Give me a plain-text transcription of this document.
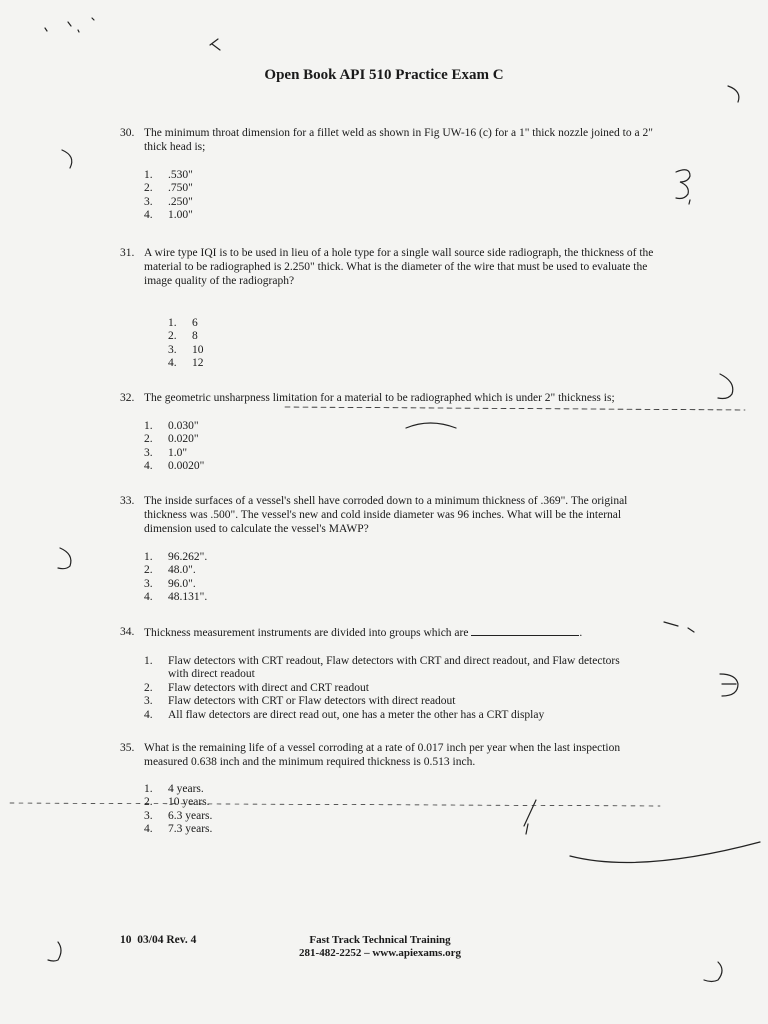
Open Book API 510 Practice Exam C
30. The minimum throat dimension for a fillet weld as shown in Fig UW-16 (c) for a 1" thick nozzle joined to a 2" thick head is;
1.	.530"
2.	.750"
3.	.250"
4.	1.00"
31. A wire type IQI is to be used in lieu of a hole type for a single wall source side radiograph, the thickness of the material to be radiographed is 2.250" thick. What is the diameter of the wire that must be used to evaluate the image quality of the radiograph?
1.	6
2.	8
3.	10
4.	12
32. The geometric unsharpness limitation for a material to be radiographed which is under 2" thickness is;
1.	0.030"
2.	0.020"
3.	1.0"
4.	0.0020"
33. The inside surfaces of a vessel's shell have corroded down to a minimum thickness of .369". The original thickness was .500". The vessel's new and cold inside diameter was 96 inches. What will be the internal dimension used to calculate the vessel's MAWP?
1.	96.262".
2.	48.0".
3.	96.0".
4.	48.131".
34. Thickness measurement instruments are divided into groups which are	.
1.	Flaw detectors with CRT readout, Flaw detectors with CRT and direct readout, and Flaw detectors
with direct readout
2.	Flaw detectors with direct and CRT readout
3.	Flaw detectors with CRT or Flaw detectors with direct readout
4.	All flaw detectors are direct read out, one has a meter the other has a CRT display
35. What is the remaining life of a vessel corroding at a rate of 0.017 inch per year when the last inspection measured 0.638 inch and the minimum required thickness is 0.513 inch.
1.	4 years.
2.	10 years.
3.	6.3 years.
4.	7.3 years.
10 03/04 Rev. 4	Fast Track Technical Training
281-482-2252 – www.apiexams.org
